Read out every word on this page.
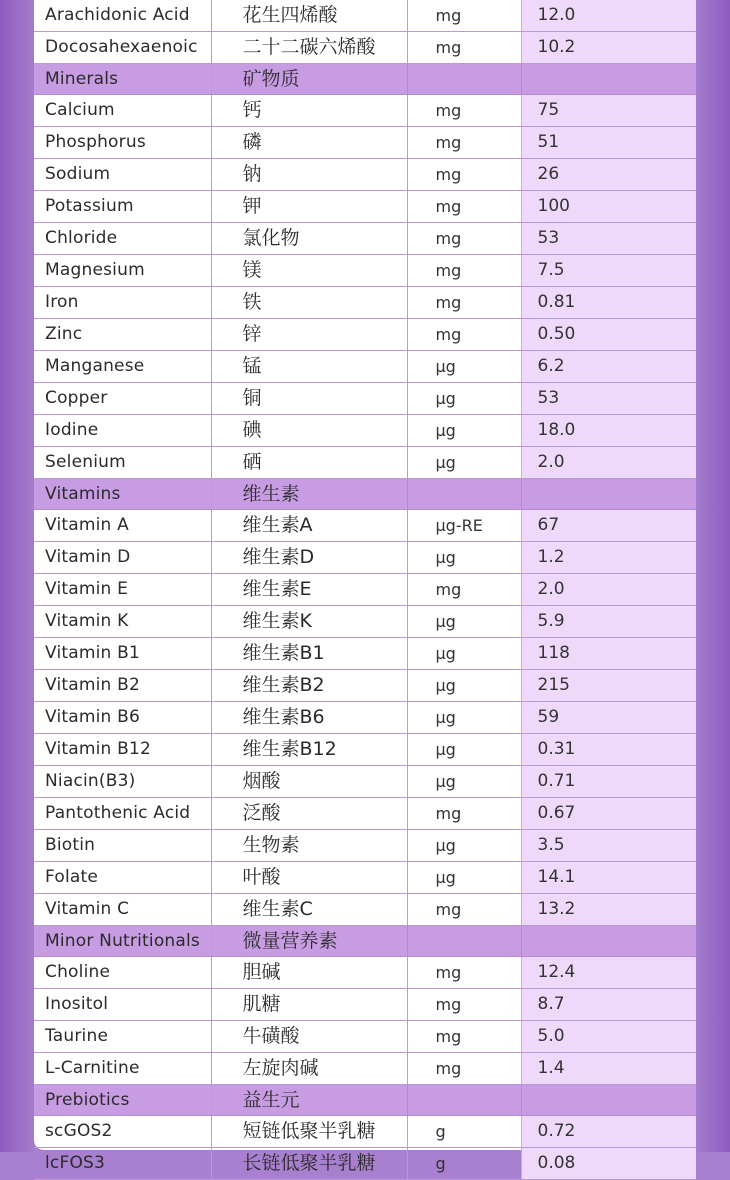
Arachidonic Acid	花生四烯酸	mg	12.0
Docosahexaenoic	二十二碳六烯酸	mg	10.2
Minerals	矿物质		
Calcium	钙	mg	75
Phosphorus	磷	mg	51
Sodium	钠	mg	26
Potassium	钾	mg	100
Chloride	氯化物	mg	53
Magnesium	镁	mg	7.5
Iron	铁	mg	0.81
Zinc	锌	mg	0.50
Manganese	锰	μg	6.2
Copper	铜	μg	53
Iodine	碘	μg	18.0
Selenium	硒	μg	2.0
Vitamins	维生素		
Vitamin A	维生素A	μg-RE	67
Vitamin D	维生素D	μg	1.2
Vitamin E	维生素E	mg	2.0
Vitamin K	维生素K	μg	5.9
Vitamin B1	维生素B1	μg	118
Vitamin B2	维生素B2	μg	215
Vitamin B6	维生素B6	μg	59
Vitamin B12	维生素B12	μg	0.31
Niacin(B3)	烟酸	μg	0.71
Pantothenic Acid	泛酸	mg	0.67
Biotin	生物素	μg	3.5
Folate	叶酸	μg	14.1
Vitamin C	维生素C	mg	13.2
Minor Nutritionals	微量营养素		
Choline	胆碱	mg	12.4
Inositol	肌糖	mg	8.7
Taurine	牛磺酸	mg	5.0
L-Carnitine	左旋肉碱	mg	1.4
Prebiotics	益生元		
scGOS2	短链低聚半乳糖	g	0.72
lcFOS3	长链低聚半乳糖	g	0.08
